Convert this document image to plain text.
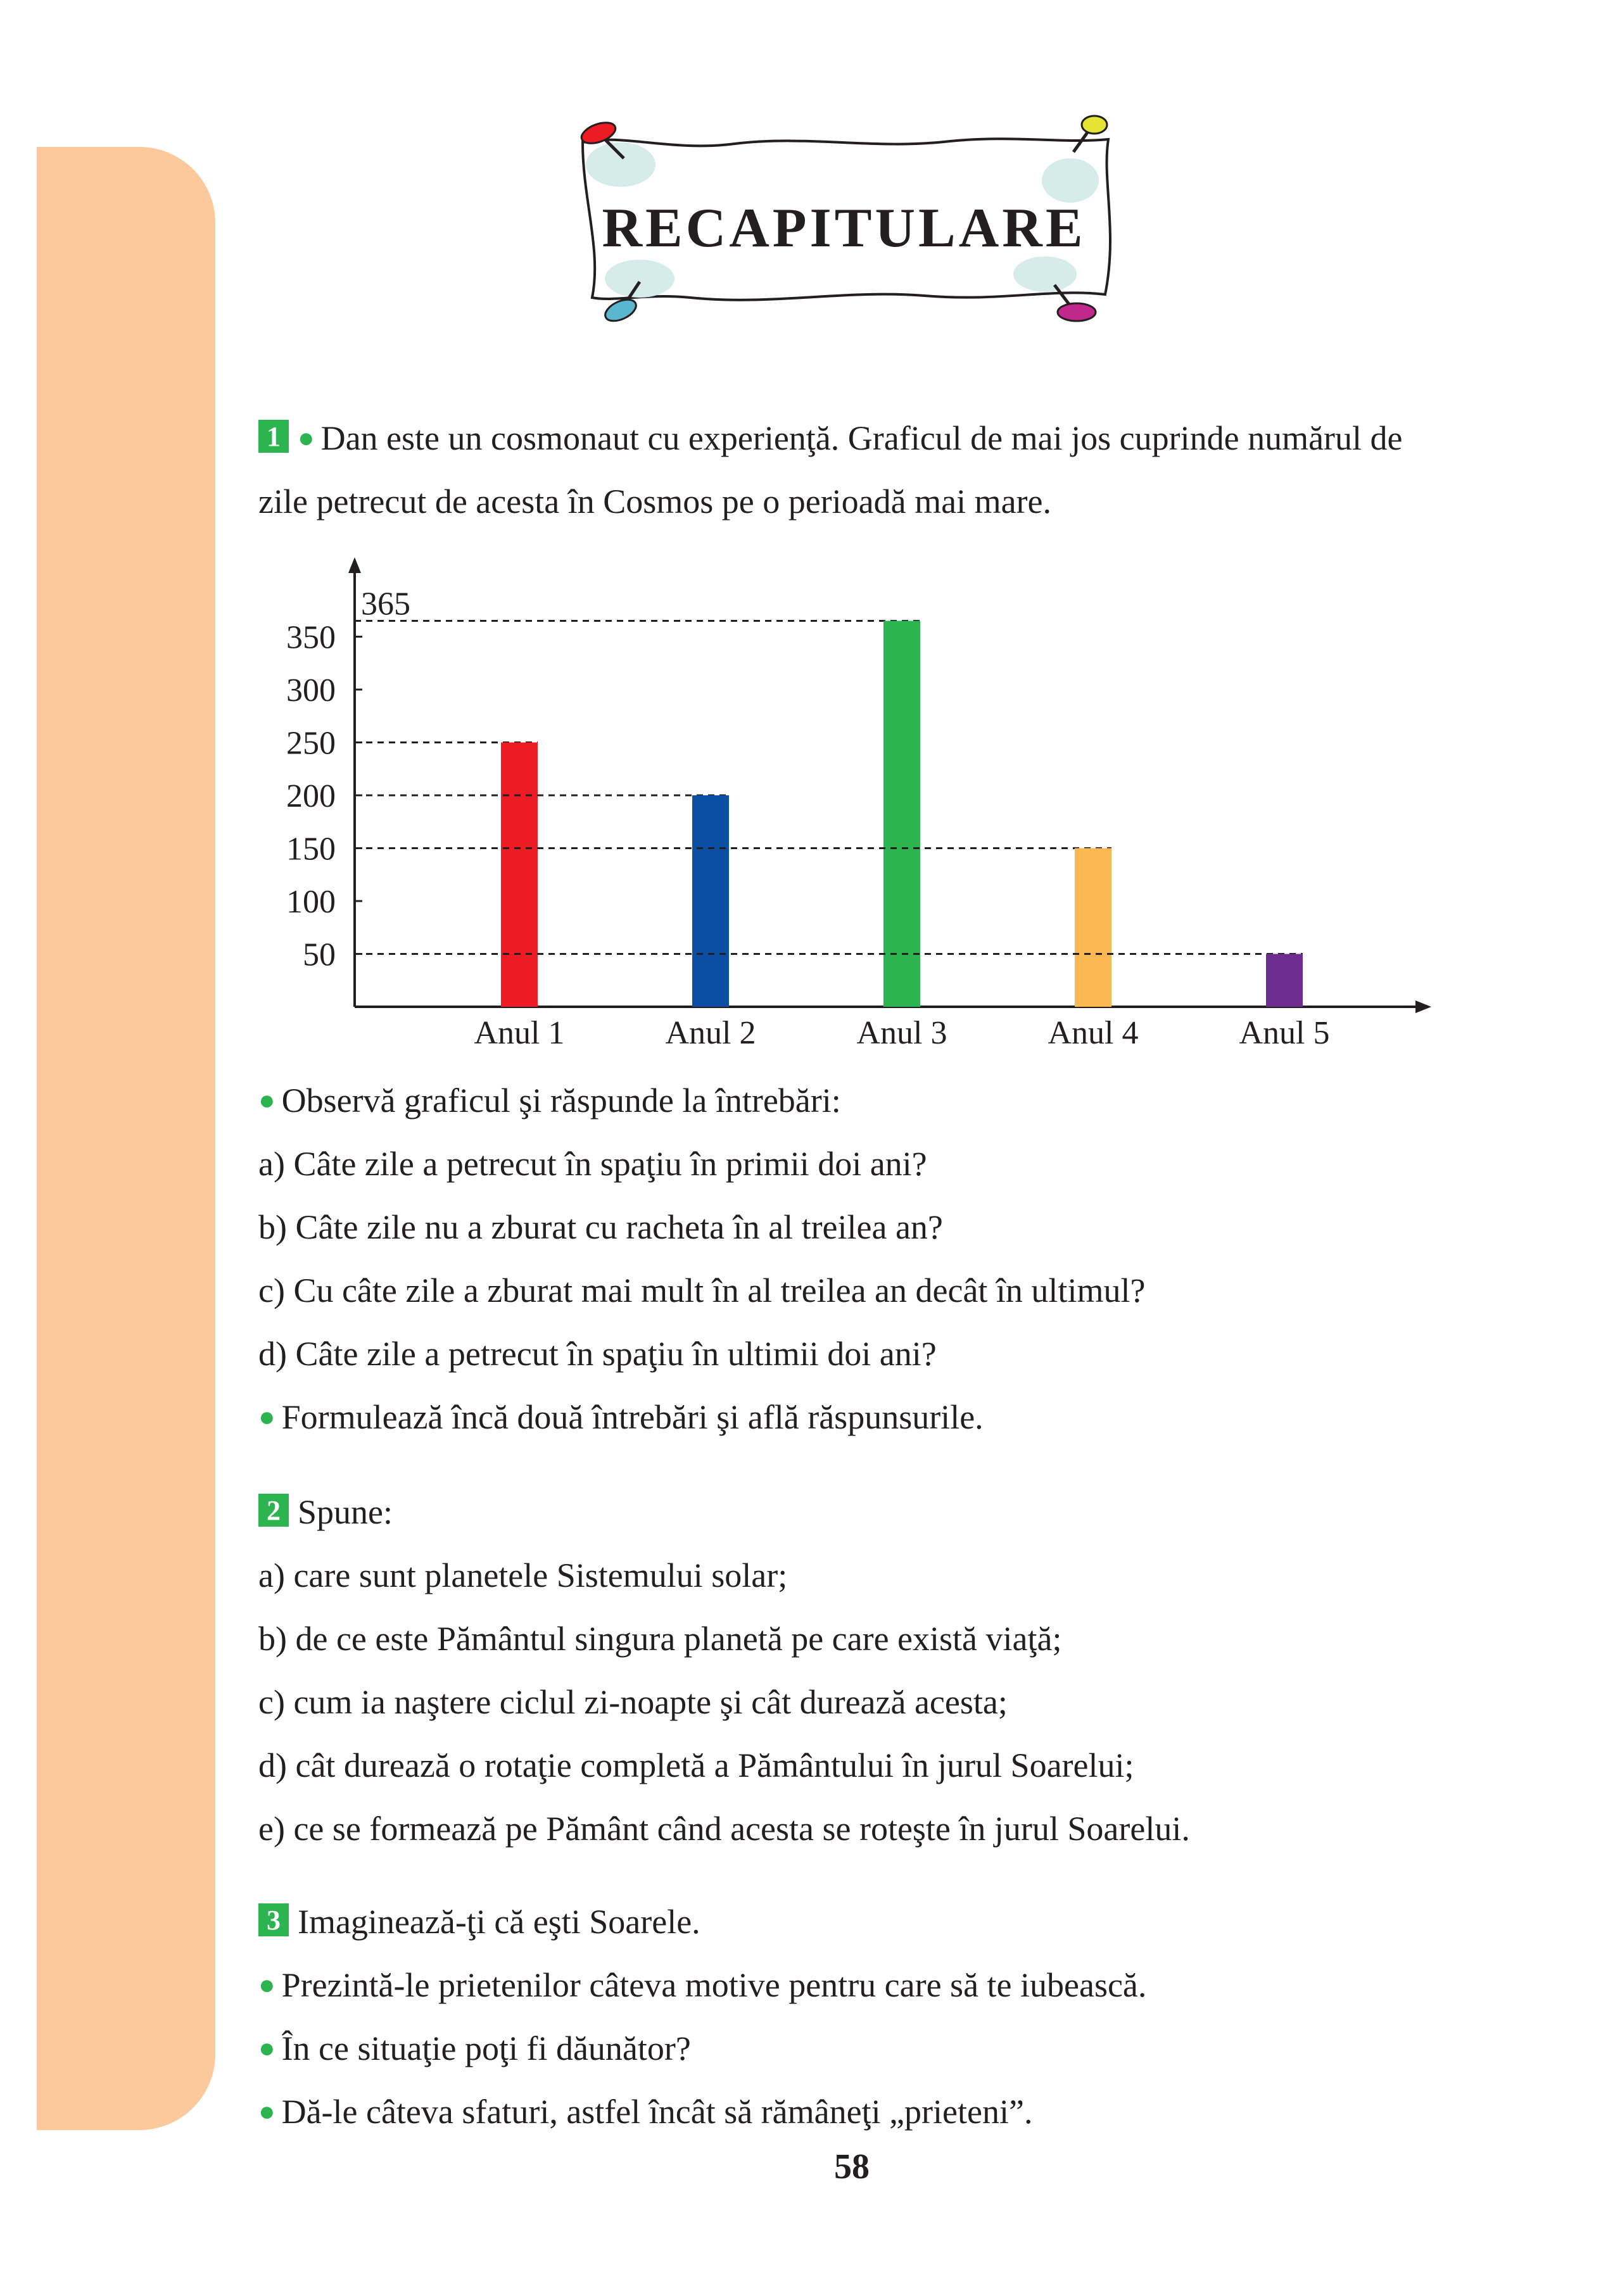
RECAPITULARE
1 ● Dan este un cosmonaut cu experienţă. Graficul de mai jos cuprinde numărul de
zile petrecut de acesta în Cosmos pe o perioadă mai mare.
50
100
150
200
250
300
350
Anul 1	Anul 2	Anul 3	Anul 4	Anul 5
365
● Observă graficul şi răspunde la întrebări:
a) Câte zile a petrecut în spaţiu în primii doi ani?
b) Câte zile nu a zburat cu racheta în al treilea an?
c) Cu câte zile a zburat mai mult în al treilea an decât în ultimul?
d) Câte zile a petrecut în spaţiu în ultimii doi ani?
● Formulează încă două întrebări şi află răspunsurile.
2 Spune:
a) care sunt planetele Sistemului solar;
b) de ce este Pământul singura planetă pe care există viaţă;
c) cum ia naştere ciclul zi-noapte şi cât durează acesta;
d) cât durează o rotaţie completă a Pământului în jurul Soarelui;
e) ce se formează pe Pământ când acesta se roteşte în jurul Soarelui.
3 Imaginează-ţi că eşti Soarele.
● Prezintă-le prietenilor câteva motive pentru care să te iubească.
● În ce situaţie poţi fi dăunător?
● Dă-le câteva sfaturi, astfel încât să rămâneţi „prieteni”.
58
